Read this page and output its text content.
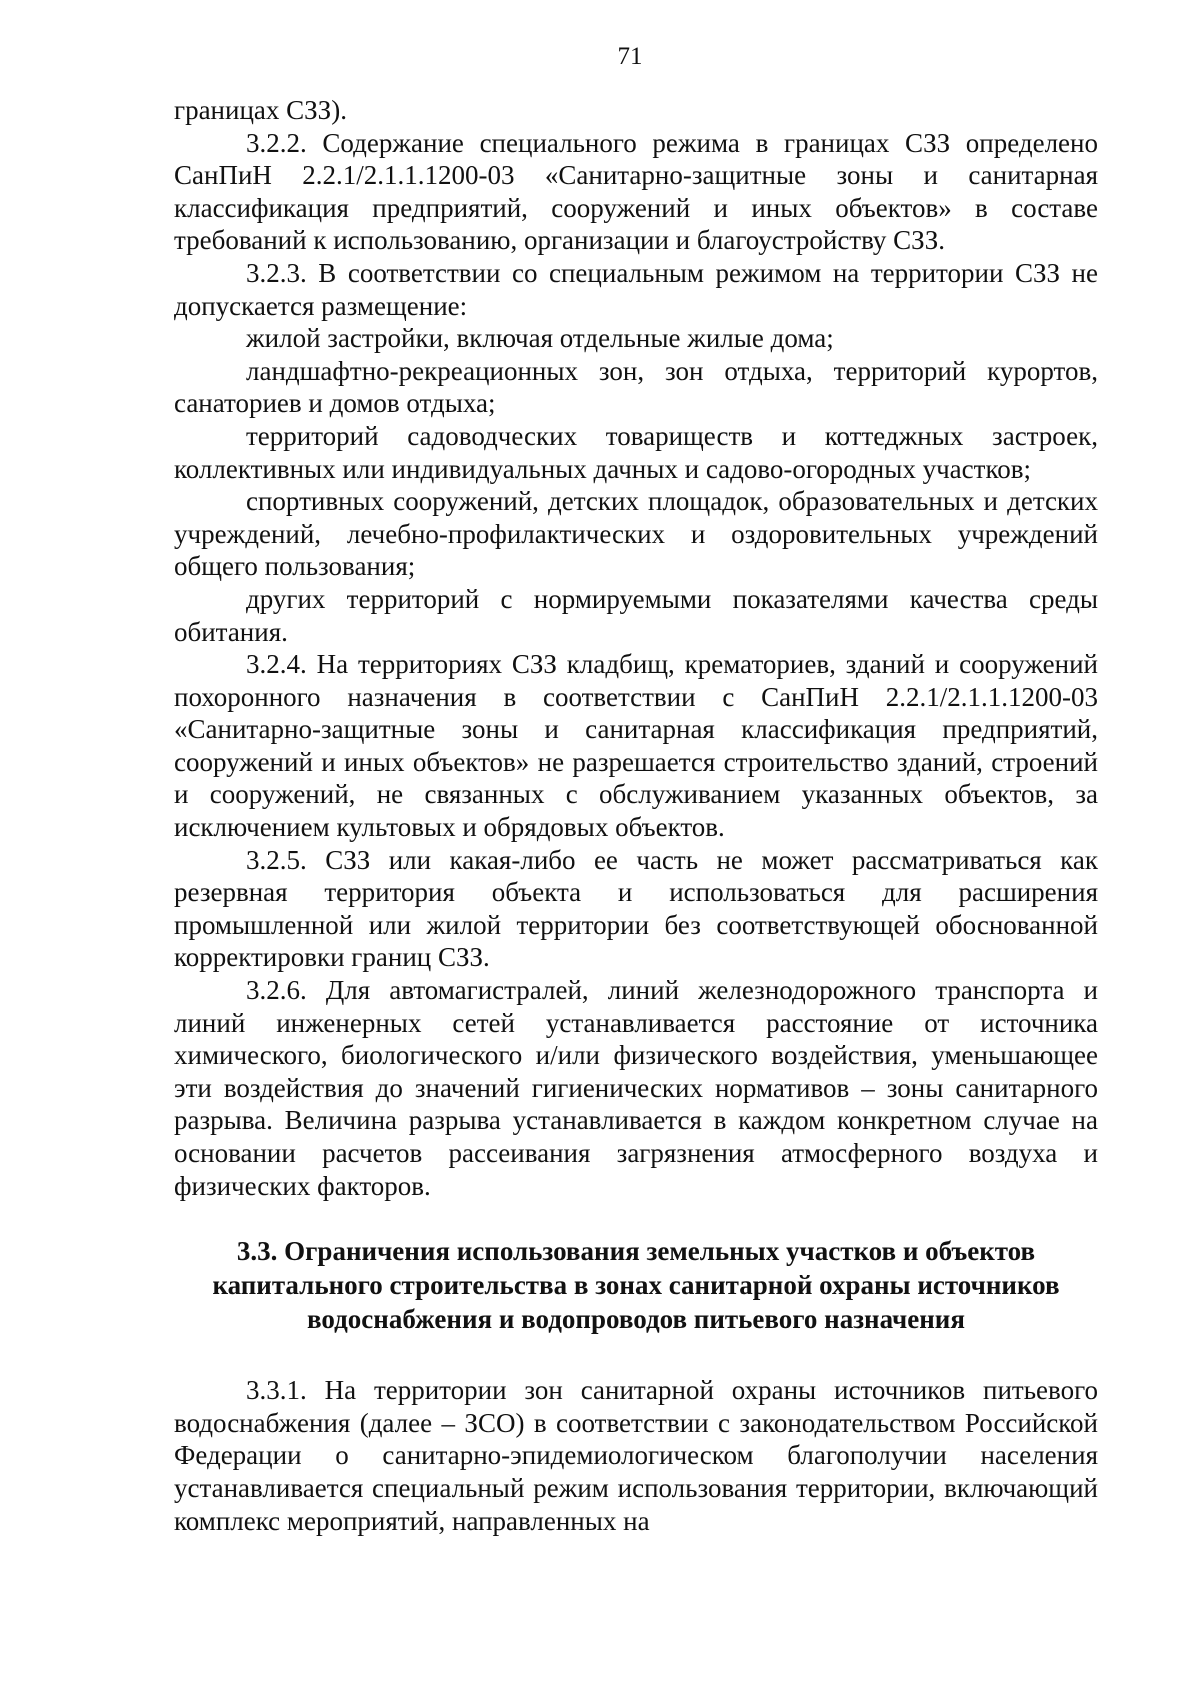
71

границах СЗЗ).

3.2.2. Содержание специального режима в границах СЗЗ определено СанПиН 2.2.1/2.1.1.1200-03 «Санитарно-защитные зоны и санитарная классификация предприятий, сооружений и иных объектов» в составе требований к использованию, организации и благоустройству СЗЗ.

3.2.3. В соответствии со специальным режимом на территории СЗЗ не допускается размещение:

жилой застройки, включая отдельные жилые дома;

ландшафтно-рекреационных зон, зон отдыха, территорий курортов, санаториев и домов отдыха;

территорий садоводческих товариществ и коттеджных застроек, коллективных или индивидуальных дачных и садово-огородных участков;

спортивных сооружений, детских площадок, образовательных и детских учреждений, лечебно-профилактических и оздоровительных учреждений общего пользования;

других территорий с нормируемыми показателями качества среды обитания.

3.2.4. На территориях СЗЗ кладбищ, крематориев, зданий и сооружений похоронного назначения в соответствии с СанПиН 2.2.1/2.1.1.1200-03 «Санитарно-защитные зоны и санитарная классификация предприятий, сооружений и иных объектов» не разрешается строительство зданий, строений и сооружений, не связанных с обслуживанием указанных объектов, за исключением культовых и обрядовых объектов.

3.2.5. СЗЗ или какая-либо ее часть не может рассматриваться как резервная территория объекта и использоваться для расширения промышленной или жилой территории без соответствующей обоснованной корректировки границ СЗЗ.

3.2.6. Для автомагистралей, линий железнодорожного транспорта и линий инженерных сетей устанавливается расстояние от источника химического, биологического и/или физического воздействия, уменьшающее эти воздействия до значений гигиенических нормативов – зоны санитарного разрыва. Величина разрыва устанавливается в каждом конкретном случае на основании расчетов рассеивания загрязнения атмосферного воздуха и физических факторов.

3.3. Ограничения использования земельных участков и объектов
капитального строительства в зонах санитарной охраны источников
водоснабжения и водопроводов питьевого назначения

3.3.1. На территории зон санитарной охраны источников питьевого водоснабжения (далее – ЗСО) в соответствии с законодательством Российской Федерации о санитарно-эпидемиологическом благополучии населения устанавливается специальный режим использования территории, включающий комплекс мероприятий, направленных на
